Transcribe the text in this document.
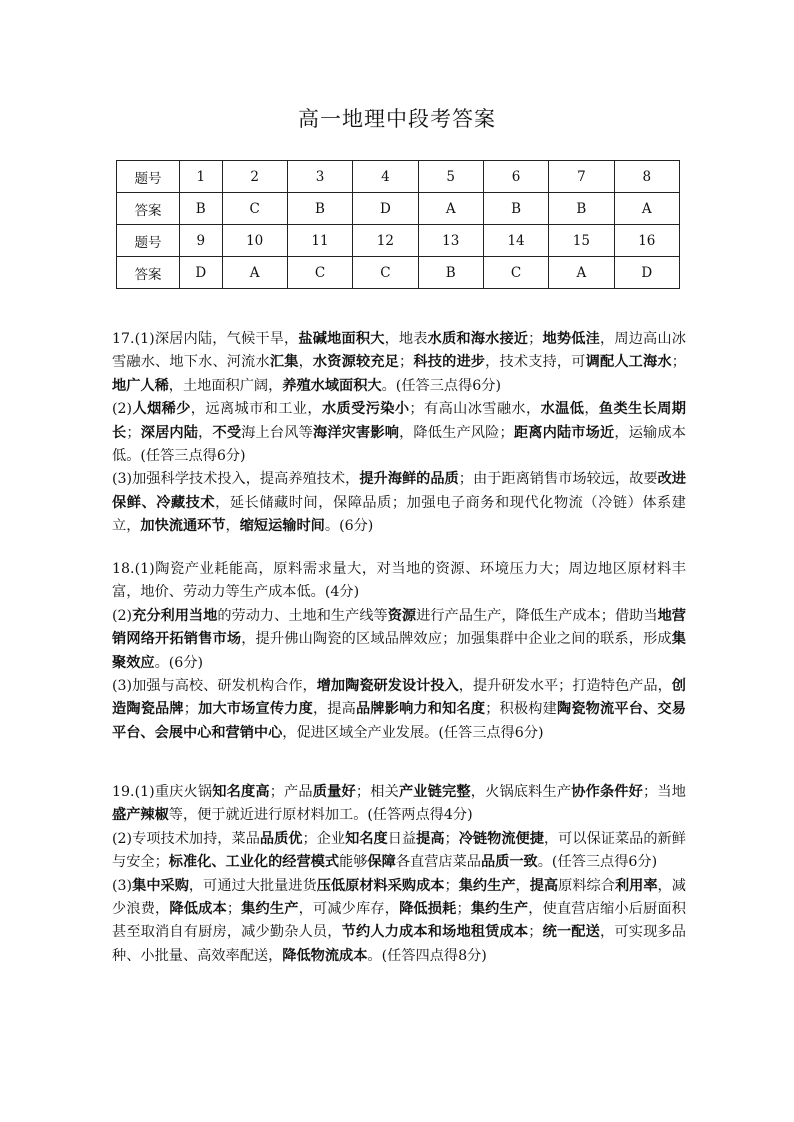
高一地理中段考答案
题号	1	2	3	4	5	6	7	8
答案	B	C	B	D	A	B	B	A
题号	9	10	11	12	13	14	15	16
答案	D	A	C	C	B	C	A	D

17.(1)深居内陆，气候干旱，盐碱地面积大，地表水质和海水接近；地势低洼，周边高山冰雪融水、地下水、河流水汇集，水资源较充足；科技的进步，技术支持，可调配人工海水；地广人稀，土地面积广阔，养殖水域面积大。(任答三点得6分)

(2)人烟稀少，远离城市和工业，水质受污染小；有高山冰雪融水，水温低，鱼类生长周期长；深居内陆，不受海上台风等海洋灾害影响，降低生产风险；距离内陆市场近，运输成本低。(任答三点得6分)

(3)加强科学技术投入，提高养殖技术，提升海鲜的品质；由于距离销售市场较远，故要改进保鲜、冷藏技术，延长储藏时间，保障品质；加强电子商务和现代化物流（冷链）体系建立，加快流通环节，缩短运输时间。(6分)

18.(1)陶瓷产业耗能高，原料需求量大，对当地的资源、环境压力大；周边地区原材料丰富，地价、劳动力等生产成本低。(4分)

(2)充分利用当地的劳动力、土地和生产线等资源进行产品生产，降低生产成本；借助当地营销网络开拓销售市场，提升佛山陶瓷的区域品牌效应；加强集群中企业之间的联系，形成集聚效应。(6分)

(3)加强与高校、研发机构合作，增加陶瓷研发设计投入，提升研发水平；打造特色产品，创造陶瓷品牌；加大市场宣传力度，提高品牌影响力和知名度；积极构建陶瓷物流平台、交易平台、会展中心和营销中心，促进区域全产业发展。(任答三点得6分)

19.(1)重庆火锅知名度高；产品质量好；相关产业链完整，火锅底料生产协作条件好；当地盛产辣椒等，便于就近进行原材料加工。(任答两点得4分)

(2)专项技术加持，菜品品质优；企业知名度日益提高；冷链物流便捷，可以保证菜品的新鲜与安全；标准化、工业化的经营模式能够保障各直营店菜品品质一致。(任答三点得6分)

(3)集中采购，可通过大批量进货压低原材料采购成本；集约生产，提高原料综合利用率，减少浪费，降低成本；集约生产，可减少库存，降低损耗；集约生产，使直营店缩小后厨面积甚至取消自有厨房，减少勤杂人员，节约人力成本和场地租赁成本；统一配送，可实现多品种、小批量、高效率配送，降低物流成本。(任答四点得8分)
